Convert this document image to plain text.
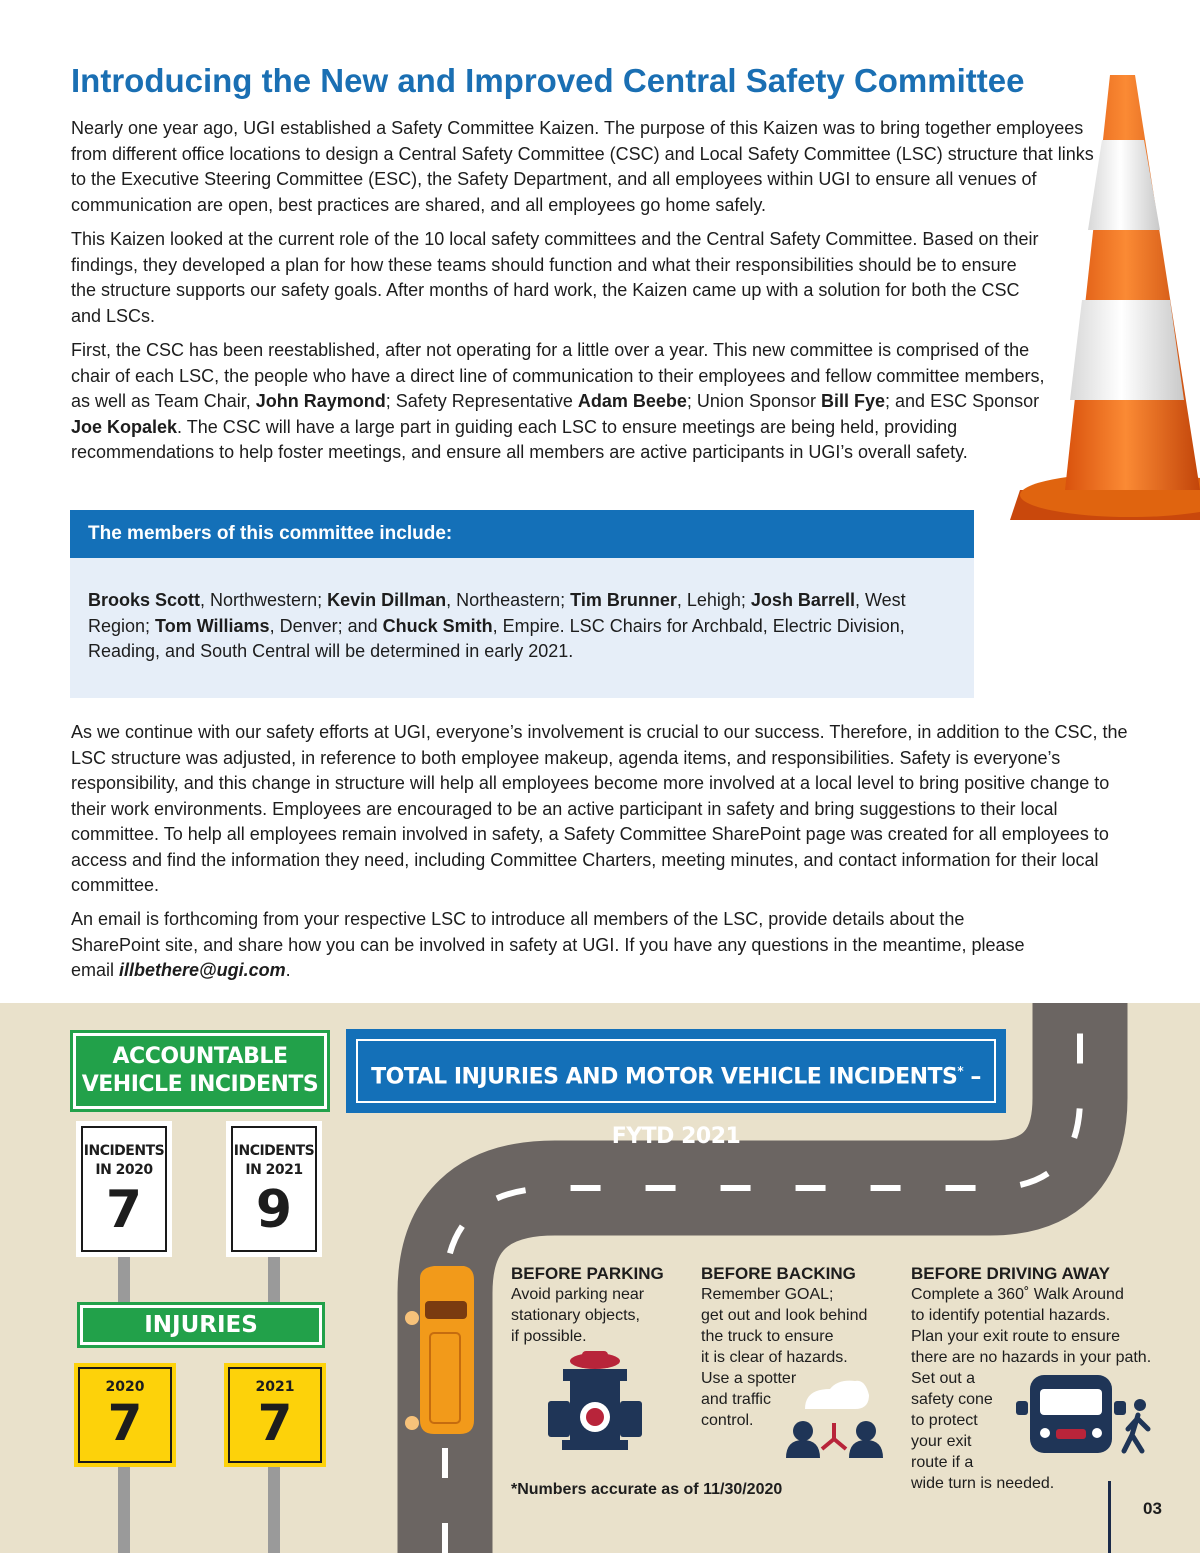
Introducing the New and Improved Central Safety Committee

Nearly one year ago, UGI established a Safety Committee Kaizen. The purpose of this Kaizen was to bring together employees from different office locations to design a Central Safety Committee (CSC) and Local Safety Committee (LSC) structure that links to the Executive Steering Committee (ESC), the Safety Department, and all employees within UGI to ensure all venues of communication are open, best practices are shared, and all employees go home safely.

This Kaizen looked at the current role of the 10 local safety committees and the Central Safety Committee. Based on their findings, they developed a plan for how these teams should function and what their responsibilities should be to ensure the structure supports our safety goals. After months of hard work, the Kaizen came up with a solution for both the CSC and LSCs.

First, the CSC has been reestablished, after not operating for a little over a year. This new committee is comprised of the chair of each LSC, the people who have a direct line of communication to their employees and fellow committee members, as well as Team Chair, John Raymond; Safety Representative Adam Beebe; Union Sponsor Bill Fye; and ESC Sponsor Joe Kopalek. The CSC will have a large part in guiding each LSC to ensure meetings are being held, providing recommendations to help foster meetings, and ensure all members are active participants in UGI’s overall safety.

The members of this committee include:

Brooks Scott, Northwestern; Kevin Dillman, Northeastern; Tim Brunner, Lehigh; Josh Barrell, West Region; Tom Williams, Denver; and Chuck Smith, Empire. LSC Chairs for Archbald, Electric Division, Reading, and South Central will be determined in early 2021.

As we continue with our safety efforts at UGI, everyone’s involvement is crucial to our success. Therefore, in addition to the CSC, the LSC structure was adjusted, in reference to both employee makeup, agenda items, and responsibilities. Safety is everyone’s responsibility, and this change in structure will help all employees become more involved at a local level to bring positive change to their work environments. Employees are encouraged to be an active participant in safety and bring suggestions to their local committee. To help all employees remain involved in safety, a Safety Committee SharePoint page was created for all employees to access and find the information they need, including Committee Charters, meeting minutes, and contact information for their local committee.

An email is forthcoming from your respective LSC to introduce all members of the LSC, provide details about the SharePoint site, and share how you can be involved in safety at UGI. If you have any questions in the meantime, please email illbethere@ugi.com.

ACCOUNTABLE
VEHICLE INCIDENTS
INCIDENTS
IN 2020
7
INCIDENTS
IN 2021
9
INJURIES
2020
7
2021
7
TOTAL INJURIES AND MOTOR VEHICLE INCIDENTS* – FYTD 2021
BEFORE PARKING
Avoid parking near
stationary objects,
if possible.
BEFORE BACKING
Remember GOAL;
get out and look behind
the truck to ensure
it is clear of hazards.
Use a spotter
and traffic
control.
BEFORE DRIVING AWAY
Complete a 360˚ Walk Around
to identify potential hazards.
Plan your exit route to ensure
there are no hazards in your path.
Set out a
safety cone
to protect
your exit
route if a
wide turn is needed.
*Numbers accurate as of 11/30/2020
03
